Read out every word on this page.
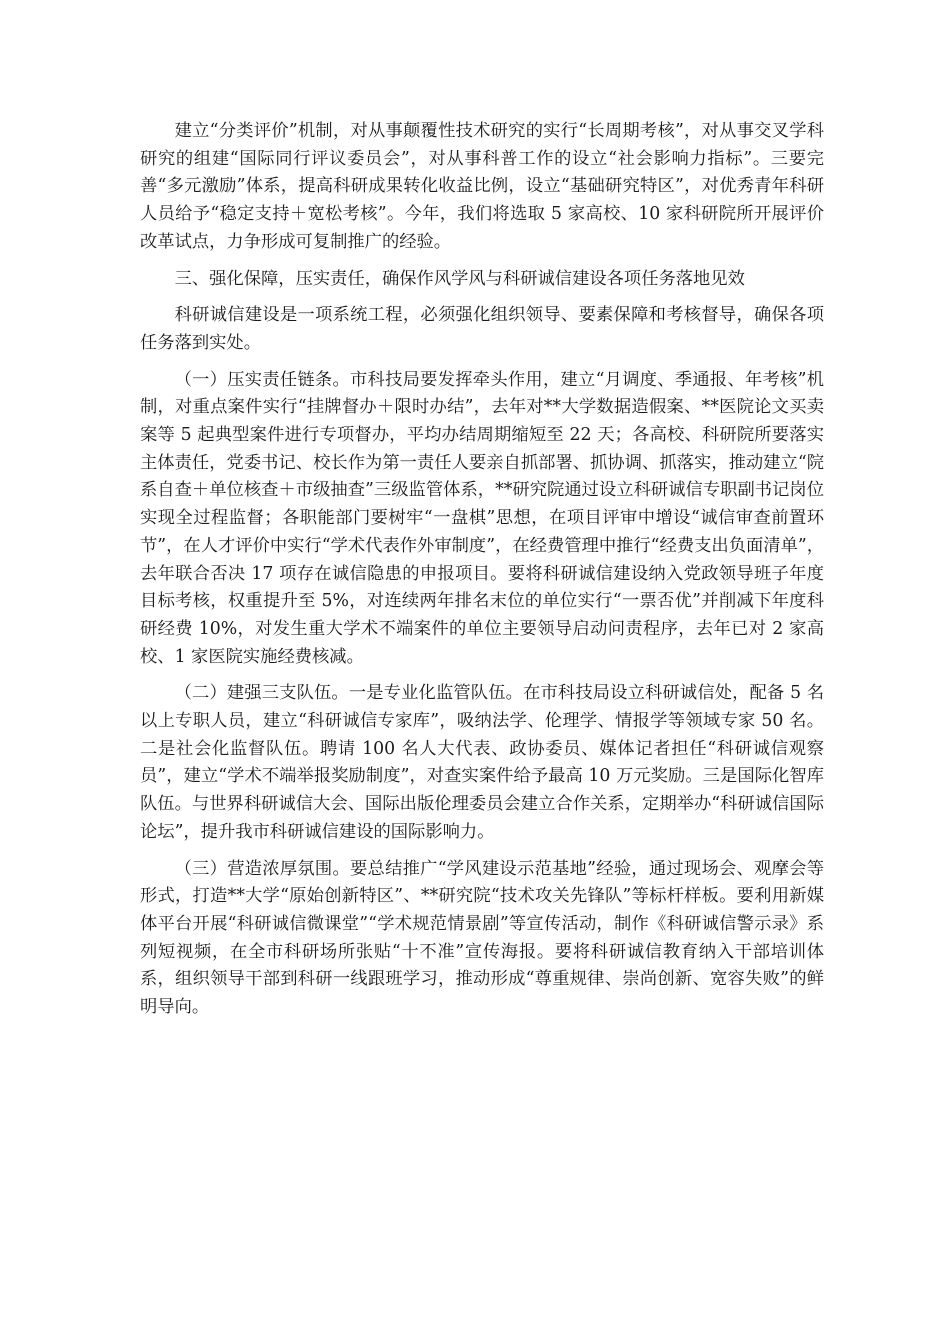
建立“分类评价”机制，对从事颠覆性技术研究的实行“长周期考核”，对从事交叉学科研究的组建“国际同行评议委员会”，对从事科普工作的设立“社会影响力指标”。三要完善“多元激励”体系，提高科研成果转化收益比例，设立“基础研究特区”，对优秀青年科研人员给予“稳定支持＋宽松考核”。今年，我们将选取 5 家高校、10 家科研院所开展评价改革试点，力争形成可复制推广的经验。

三、强化保障，压实责任，确保作风学风与科研诚信建设各项任务落地见效

科研诚信建设是一项系统工程，必须强化组织领导、要素保障和考核督导，确保各项任务落到实处。

（一）压实责任链条。市科技局要发挥牵头作用，建立“月调度、季通报、年考核”机制，对重点案件实行“挂牌督办＋限时办结”，去年对**大学数据造假案、**医院论文买卖案等 5 起典型案件进行专项督办，平均办结周期缩短至 22 天；各高校、科研院所要落实主体责任，党委书记、校长作为第一责任人要亲自抓部署、抓协调、抓落实，推动建立“院系自查＋单位核查＋市级抽查”三级监管体系，**研究院通过设立科研诚信专职副书记岗位实现全过程监督；各职能部门要树牢“一盘棋”思想，在项目评审中增设“诚信审查前置环节”，在人才评价中实行“学术代表作外审制度”，在经费管理中推行“经费支出负面清单”，去年联合否决 17 项存在诚信隐患的申报项目。要将科研诚信建设纳入党政领导班子年度目标考核，权重提升至 5%，对连续两年排名末位的单位实行“一票否优”并削减下年度科研经费 10%，对发生重大学术不端案件的单位主要领导启动问责程序，去年已对 2 家高校、1 家医院实施经费核减。

（二）建强三支队伍。一是专业化监管队伍。在市科技局设立科研诚信处，配备 5 名以上专职人员，建立“科研诚信专家库”，吸纳法学、伦理学、情报学等领域专家 50 名。二是社会化监督队伍。聘请 100 名人大代表、政协委员、媒体记者担任“科研诚信观察员”，建立“学术不端举报奖励制度”，对查实案件给予最高 10 万元奖励。三是国际化智库队伍。与世界科研诚信大会、国际出版伦理委员会建立合作关系，定期举办“科研诚信国际论坛”，提升我市科研诚信建设的国际影响力。

（三）营造浓厚氛围。要总结推广“学风建设示范基地”经验，通过现场会、观摩会等形式，打造**大学“原始创新特区”、**研究院“技术攻关先锋队”等标杆样板。要利用新媒体平台开展“科研诚信微课堂”“学术规范情景剧”等宣传活动，制作《科研诚信警示录》系列短视频，在全市科研场所张贴“十不准”宣传海报。要将科研诚信教育纳入干部培训体系，组织领导干部到科研一线跟班学习，推动形成“尊重规律、崇尚创新、宽容失败”的鲜明导向。
